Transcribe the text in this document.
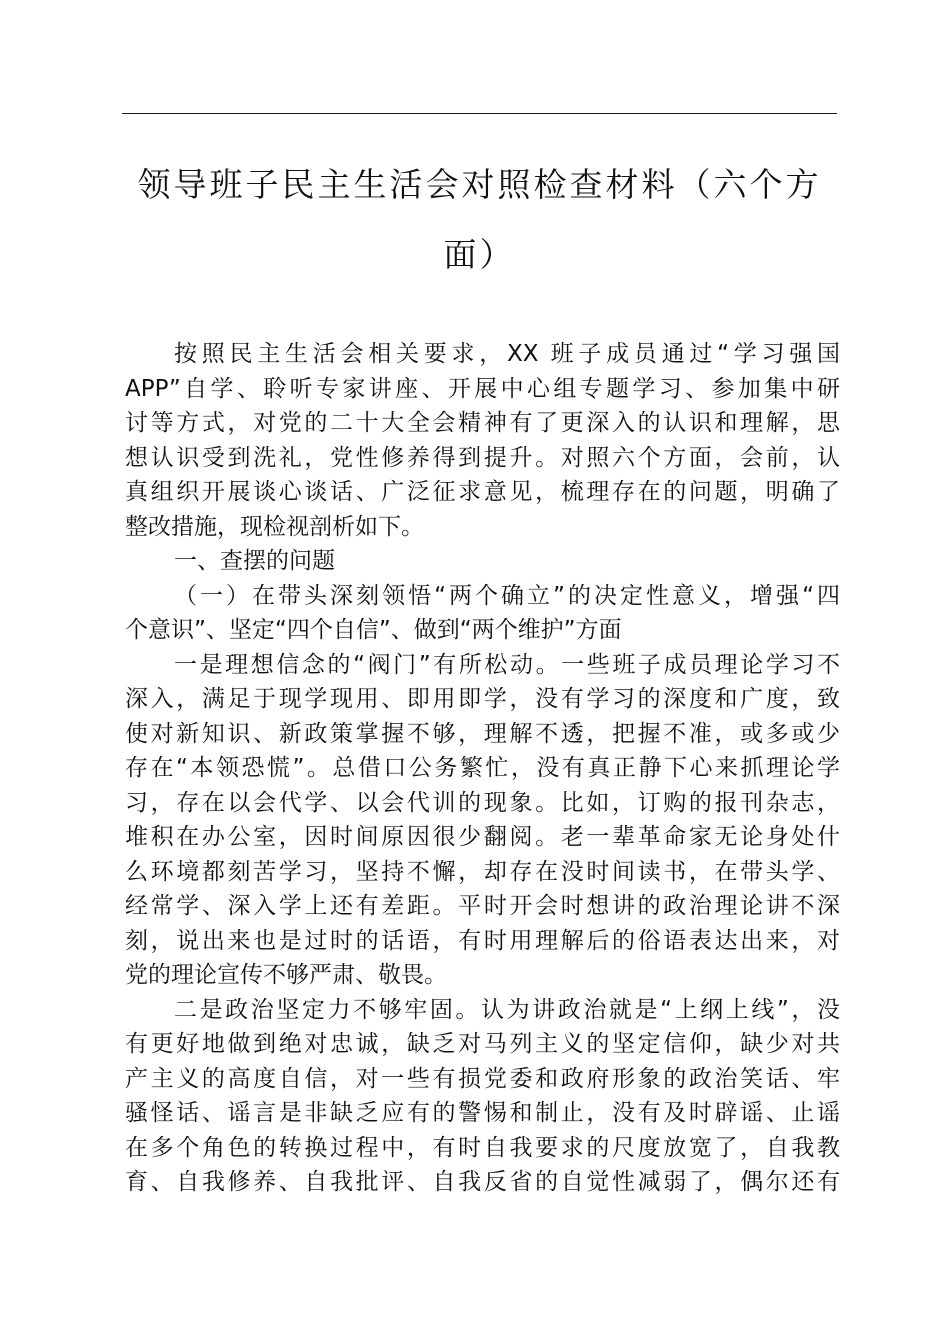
领导班子民主生活会对照检查材料（六个方
面）
按照民主生活会相关要求，XX 班子成员通过“学习强国
APP”自学、聆听专家讲座、开展中心组专题学习、参加集中研
讨等方式，对党的二十大全会精神有了更深入的认识和理解，思
想认识受到洗礼，党性修养得到提升。对照六个方面，会前，认
真组织开展谈心谈话、广泛征求意见，梳理存在的问题，明确了
整改措施，现检视剖析如下。
一、查摆的问题
（一）在带头深刻领悟“两个确立”的决定性意义，增强“四
个意识”、坚定“四个自信”、做到“两个维护”方面
一是理想信念的“阀门”有所松动。一些班子成员理论学习不
深入，满足于现学现用、即用即学，没有学习的深度和广度，致
使对新知识、新政策掌握不够，理解不透，把握不准，或多或少
存在“本领恐慌”。总借口公务繁忙，没有真正静下心来抓理论学
习，存在以会代学、以会代训的现象。比如，订购的报刊杂志，
堆积在办公室，因时间原因很少翻阅。老一辈革命家无论身处什
么环境都刻苦学习，坚持不懈，却存在没时间读书，在带头学、
经常学、深入学上还有差距。平时开会时想讲的政治理论讲不深
刻，说出来也是过时的话语，有时用理解后的俗语表达出来，对
党的理论宣传不够严肃、敬畏。
二是政治坚定力不够牢固。认为讲政治就是“上纲上线”，没
有更好地做到绝对忠诚，缺乏对马列主义的坚定信仰，缺少对共
产主义的高度自信，对一些有损党委和政府形象的政治笑话、牢
骚怪话、谣言是非缺乏应有的警惕和制止，没有及时辟谣、止谣
在多个角色的转换过程中，有时自我要求的尺度放宽了，自我教
育、自我修养、自我批评、自我反省的自觉性减弱了，偶尔还有
